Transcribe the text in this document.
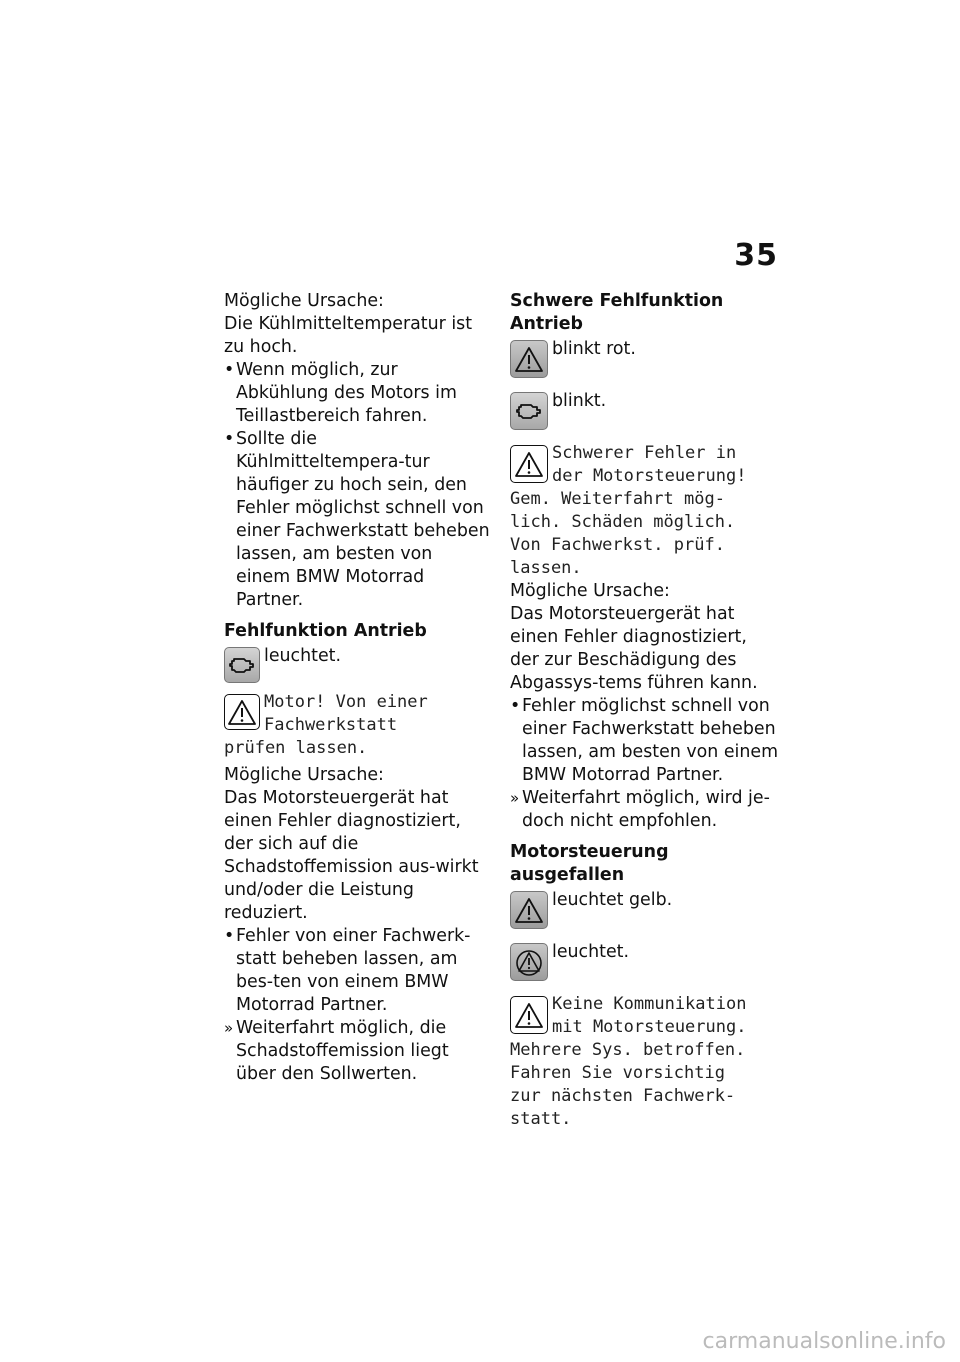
35

Mögliche Ursache:

Die Kühlmitteltemperatur ist zu hoch.

• Wenn möglich, zur Abkühlung des Motors im Teillastbereich fahren.

• Sollte die Kühlmitteltempera-tur häufiger zu hoch sein, den Fehler möglichst schnell von einer Fachwerkstatt beheben lassen, am besten von einem BMW Motorrad Partner.

Fehlfunktion Antrieb

leuchtet.
Motor! Von einer
Fachwerkstatt
prüfen lassen.

Mögliche Ursache:

Das Motorsteuergerät hat einen Fehler diagnostiziert, der sich auf die Schadstoffemission aus-wirkt und/oder die Leistung reduziert.

• Fehler von einer Fachwerk-statt beheben lassen, am bes-ten von einem BMW Motorrad Partner.

» Weiterfahrt möglich, die Schadstoffemission liegt über den Sollwerten.

Schwere Fehlfunktion Antrieb

blinkt rot.
blinkt.
Schwerer Fehler in
der Motorsteuerung!
Gem. Weiterfahrt mög-
lich. Schäden möglich.
Von Fachwerkst. prüf.
lassen.

Mögliche Ursache:

Das Motorsteuergerät hat einen Fehler diagnostiziert, der zur Beschädigung des Abgassys-tems führen kann.

• Fehler möglichst schnell von einer Fachwerkstatt beheben lassen, am besten von einem BMW Motorrad Partner.

» Weiterfahrt möglich, wird je-doch nicht empfohlen.

Motorsteuerung ausgefallen

leuchtet gelb.
leuchtet.
Keine Kommunikation
mit Motorsteuerung.
Mehrere Sys. betroffen.
Fahren Sie vorsichtig
zur nächsten Fachwerk-
statt.
carmanualsonline.info
